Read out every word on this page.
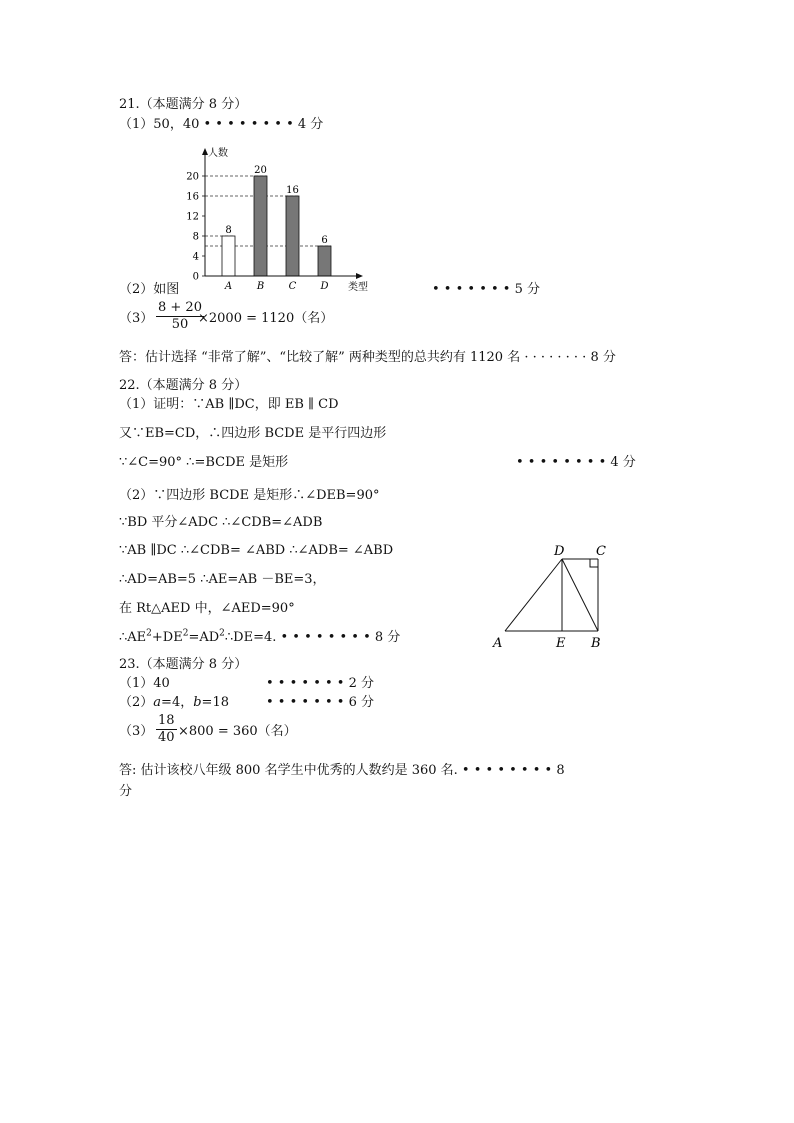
21.（本题满分 8 分）
（1）50，40 • • • • • • • • 4 分
8
A
20
B
16
C
6
D
0
4
8
12
16
20
人数
类型
（2）如图	• • • • • • • 5 分
$(3) \frac{8 + 20}{50}$
×2000 = 1120（名）
答：估计选择 “非常了解”、“比较了解” 两种类型的总共约有 1120 名 · · · · · · · · 8 分
22.（本题满分 8 分）
（1）证明：∵AB ∥DC，即 EB ∥ CD
又∵EB=CD，∴四边形 BCDE 是平行四边形
∵∠C=90° ∴=BCDE 是矩形	• • • • • • • • 4 分
（2）∵四边形 BCDE 是矩形∴∠DEB=90°
∵BD 平分∠ADC ∴∠CDB=∠ADB
∵AB ∥DC ∴∠CDB= ∠ABD ∴∠ADB= ∠ABD
∴AD=AB=5 ∴AE=AB －BE=3，
在 Rt△AED 中，∠AED=90°
$\therefore AE^2+DE^2=AD^2\therefore DE=4$. • • • • • • • • 8 分
D C
A	E B
23.（本题满分 8 分）
（1）40	• • • • • • • 2 分
（2）a=4，b=18	• • • • • • • 6 分
$(3) \frac{18}{40} \times 800 = 360$（名）
答: 估计该校八年级 800 名学生中优秀的人数约是 360 名. • • • • • • • • 8
分
